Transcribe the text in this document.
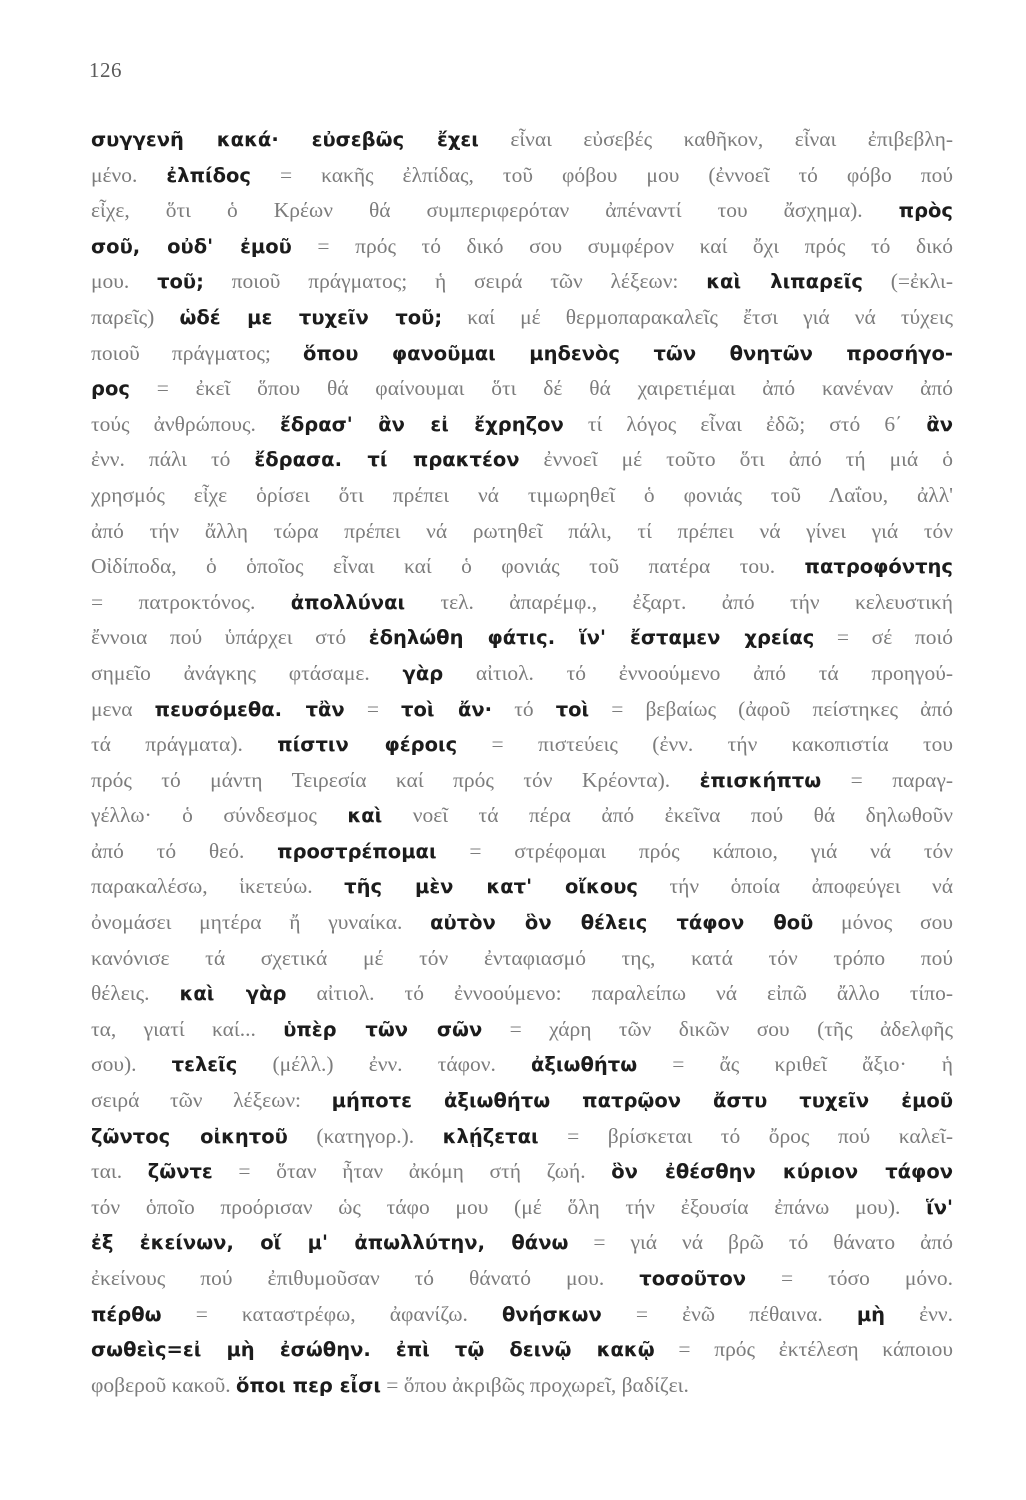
126
συγγενῆ κακά· εὐσεβῶς ἔχει εἶναι εὐσεβές καθῆκον, εἶναι ἐπιβεβλη-
μένο. ἐλπίδος = κακῆς ἐλπίδας, τοῦ φόβου μου (ἐννοεῖ τό φόβο πού
εἶχε, ὅτι ὁ Κρέων θά συμπεριφερόταν ἀπέναντί του ἄσχημα). πρὸς
σοῦ, οὐδ' ἐμοῦ = πρός τό δικό σου συμφέρον καί ὄχι πρός τό δικό
μου. τοῦ; ποιοῦ πράγματος; ἡ σειρά τῶν λέξεων: καὶ λιπαρεῖς (=ἐκλι-
παρεῖς) ὡδέ με τυχεῖν τοῦ; καί μέ θερμοπαρακαλεῖς ἔτσι γιά νά τύχεις
ποιοῦ πράγματος; ὅπου φανοῦμαι μηδενὸς τῶν θνητῶν προσήγο-
ρος = ἐκεῖ ὅπου θά φαίνουμαι ὅτι δέ θά χαιρετιέμαι ἀπό κανέναν ἀπό
τούς ἀνθρώπους. ἔδρασ' ἂν εἰ ἔχρηζον τί λόγος εἶναι ἐδῶ; στό 6΄ ἂν
ἐνν. πάλι τό ἔδρασα. τί πρακτέον ἐννοεῖ μέ τοῦτο ὅτι ἀπό τή μιά ὁ
χρησμός εἶχε ὁρίσει ὅτι πρέπει νά τιμωρηθεῖ ὁ φονιάς τοῦ Λαΐου, ἀλλ'
ἀπό τήν ἄλλη τώρα πρέπει νά ρωτηθεῖ πάλι, τί πρέπει νά γίνει γιά τόν
Οἰδίποδα, ὁ ὁποῖος εἶναι καί ὁ φονιάς τοῦ πατέρα του. πατροφόντης
= πατροκτόνος. ἀπολλύναι τελ. ἀπαρέμφ., ἐξαρτ. ἀπό τήν κελευστική
ἔννοια πού ὑπάρχει στό ἐδηλώθη φάτις. ἵν' ἔσταμεν χρείας = σέ ποιό
σημεῖο ἀνάγκης φτάσαμε. γὰρ αἰτιολ. τό ἐννοούμενο ἀπό τά προηγού-
μενα πευσόμεθα. τἂν = τοὶ ἄν· τό τοὶ = βεβαίως (ἀφοῦ πείστηκες ἀπό
τά πράγματα). πίστιν φέροις = πιστεύεις (ἐνν. τήν κακοπιστία του
πρός τό μάντη Τειρεσία καί πρός τόν Κρέοντα). ἐπισκήπτω = παραγ-
γέλλω· ὁ σύνδεσμος καὶ νοεῖ τά πέρα ἀπό ἐκεῖνα πού θά δηλωθοῦν
ἀπό τό θεό. προστρέπομαι = στρέφομαι πρός κάποιο, γιά νά τόν
παρακαλέσω, ἱκετεύω. τῆς μὲν κατ' οἴκους τήν ὁποία ἀποφεύγει νά
ὀνομάσει μητέρα ἤ γυναίκα. αὐτὸν ὃν θέλεις τάφον θοῦ μόνος σου
κανόνισε τά σχετικά μέ τόν ἐνταφιασμό της, κατά τόν τρόπο πού
θέλεις. καὶ γὰρ αἰτιολ. τό ἐννοούμενο: παραλείπω νά εἰπῶ ἄλλο τίπο-
τα, γιατί καί... ὑπὲρ τῶν σῶν = χάρη τῶν δικῶν σου (τῆς ἀδελφῆς
σου). τελεῖς (μέλλ.) ἐνν. τάφον. ἀξιωθήτω = ἄς κριθεῖ ἄξιο· ἡ
σειρά τῶν λέξεων: μήποτε ἀξιωθήτω πατρῷον ἄστυ τυχεῖν ἐμοῦ
ζῶντος οἰκητοῦ (κατηγορ.). κλῄζεται = βρίσκεται τό ὄρος πού καλεῖ-
ται. ζῶντε = ὅταν ἦταν ἀκόμη στή ζωή. ὃν ἐθέσθην κύριον τάφον
τόν ὁποῖο προόρισαν ὡς τάφο μου (μέ ὅλη τήν ἐξουσία ἐπάνω μου). ἵν'
ἐξ ἐκείνων, οἵ μ' ἀπωλλύτην, θάνω = γιά νά βρῶ τό θάνατο ἀπό
ἐκείνους πού ἐπιθυμοῦσαν τό θάνατό μου. τοσοῦτον = τόσο μόνο.
πέρθω = καταστρέφω, ἀφανίζω. θνήσκων = ἐνῶ πέθαινα. μὴ ἐνν.
σωθεὶς=εἰ μὴ ἐσώθην. ἐπὶ τῷ δεινῷ κακῷ = πρός ἐκτέλεση κάποιου
φοβεροῦ κακοῦ. ὅποι περ εἶσι = ὅπου ἀκριβῶς προχωρεῖ, βαδίζει.
